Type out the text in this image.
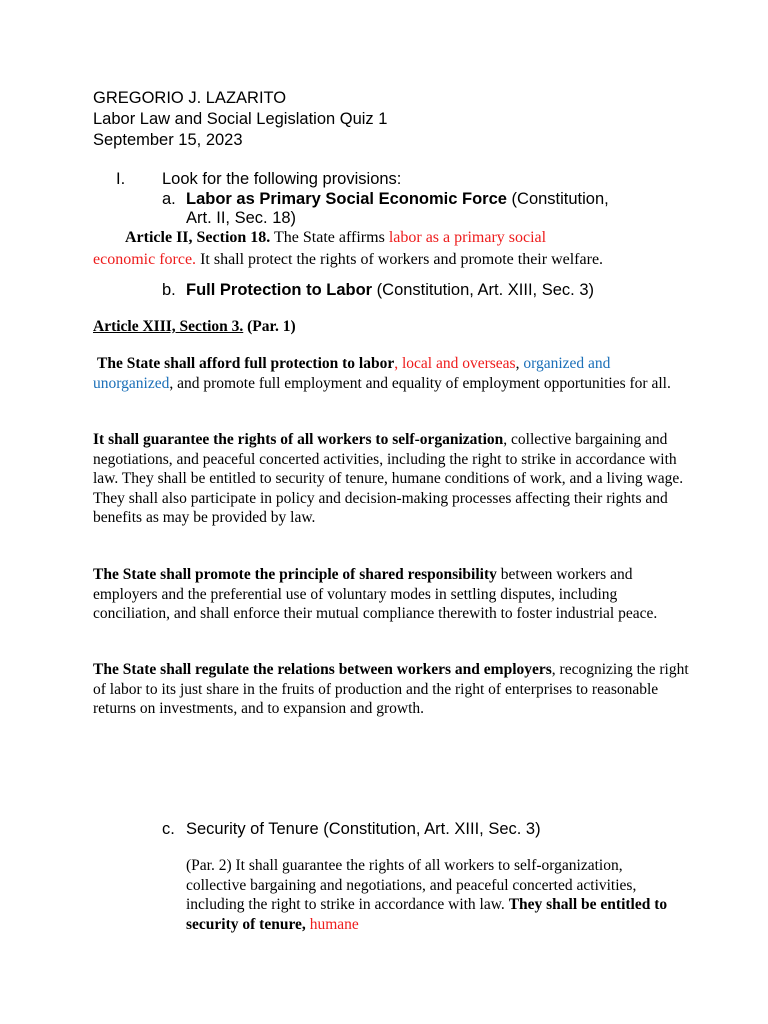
GREGORIO J. LAZARITO

Labor Law and Social Legislation Quiz 1

September 15, 2023

I. Look for the following provisions:
a. Labor as Primary Social Economic Force (Constitution,

Art. II, Sec. 18)

Article II, Section 18. The State affirms labor as a primary social

economic force. It shall protect the rights of workers and promote their welfare.

b. Full Protection to Labor (Constitution, Art. XIII, Sec. 3)

Article XIII, Section 3. (Par. 1)

The State shall afford full protection to labor, local and overseas, organized and unorganized, and promote full employment and equality of employment opportunities for all.

It shall guarantee the rights of all workers to self-organization, collective bargaining and negotiations, and peaceful concerted activities, including the right to strike in accordance with law. They shall be entitled to security of tenure, humane conditions of work, and a living wage. They shall also participate in policy and decision-making processes affecting their rights and benefits as may be provided by law.

The State shall promote the principle of shared responsibility between workers and employers and the preferential use of voluntary modes in settling disputes, including conciliation, and shall enforce their mutual compliance therewith to foster industrial peace.

The State shall regulate the relations between workers and employers, recognizing the right of labor to its just share in the fruits of production and the right of enterprises to reasonable returns on investments, and to expansion and growth.

c. Security of Tenure (Constitution, Art. XIII, Sec. 3)

(Par. 2) It shall guarantee the rights of all workers to self-organization, collective bargaining and negotiations, and peaceful concerted activities, including the right to strike in accordance with law. They shall be entitled to security of tenure, humane
